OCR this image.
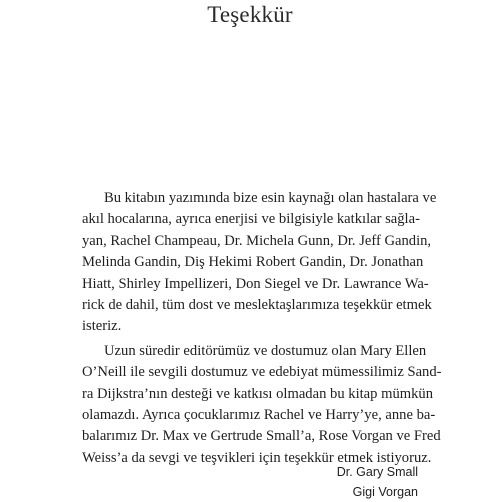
Teşekkür

Bu kitabın yazımında bize esin kaynağı olan hastalara ve
akıl hocalarına, ayrıca enerjisi ve bilgisiyle katkılar sağla-
yan, Rachel Champeau, Dr. Michela Gunn, Dr. Jeff Gandin,
Melinda Gandin, Diş Hekimi Robert Gandin, Dr. Jonathan
Hiatt, Shirley Impellizeri, Don Siegel ve Dr. Lawrance Wa-
rick de dahil, tüm dost ve meslektaşlarımıza teşekkür etmek
isteriz.

Uzun süredir editörümüz ve dostumuz olan Mary Ellen
O’Neill ile sevgili dostumuz ve edebiyat mümessilimiz Sand-
ra Dijkstra’nın desteği ve katkısı olmadan bu kitap mümkün
olamazdı. Ayrıca çocuklarımız Rachel ve Harry’ye, anne ba-
balarımız Dr. Max ve Gertrude Small’a, Rose Vorgan ve Fred
Weiss’a da sevgi ve teşvikleri için teşekkür etmek istiyoruz.

Dr. Gary Small
Gigi Vorgan
